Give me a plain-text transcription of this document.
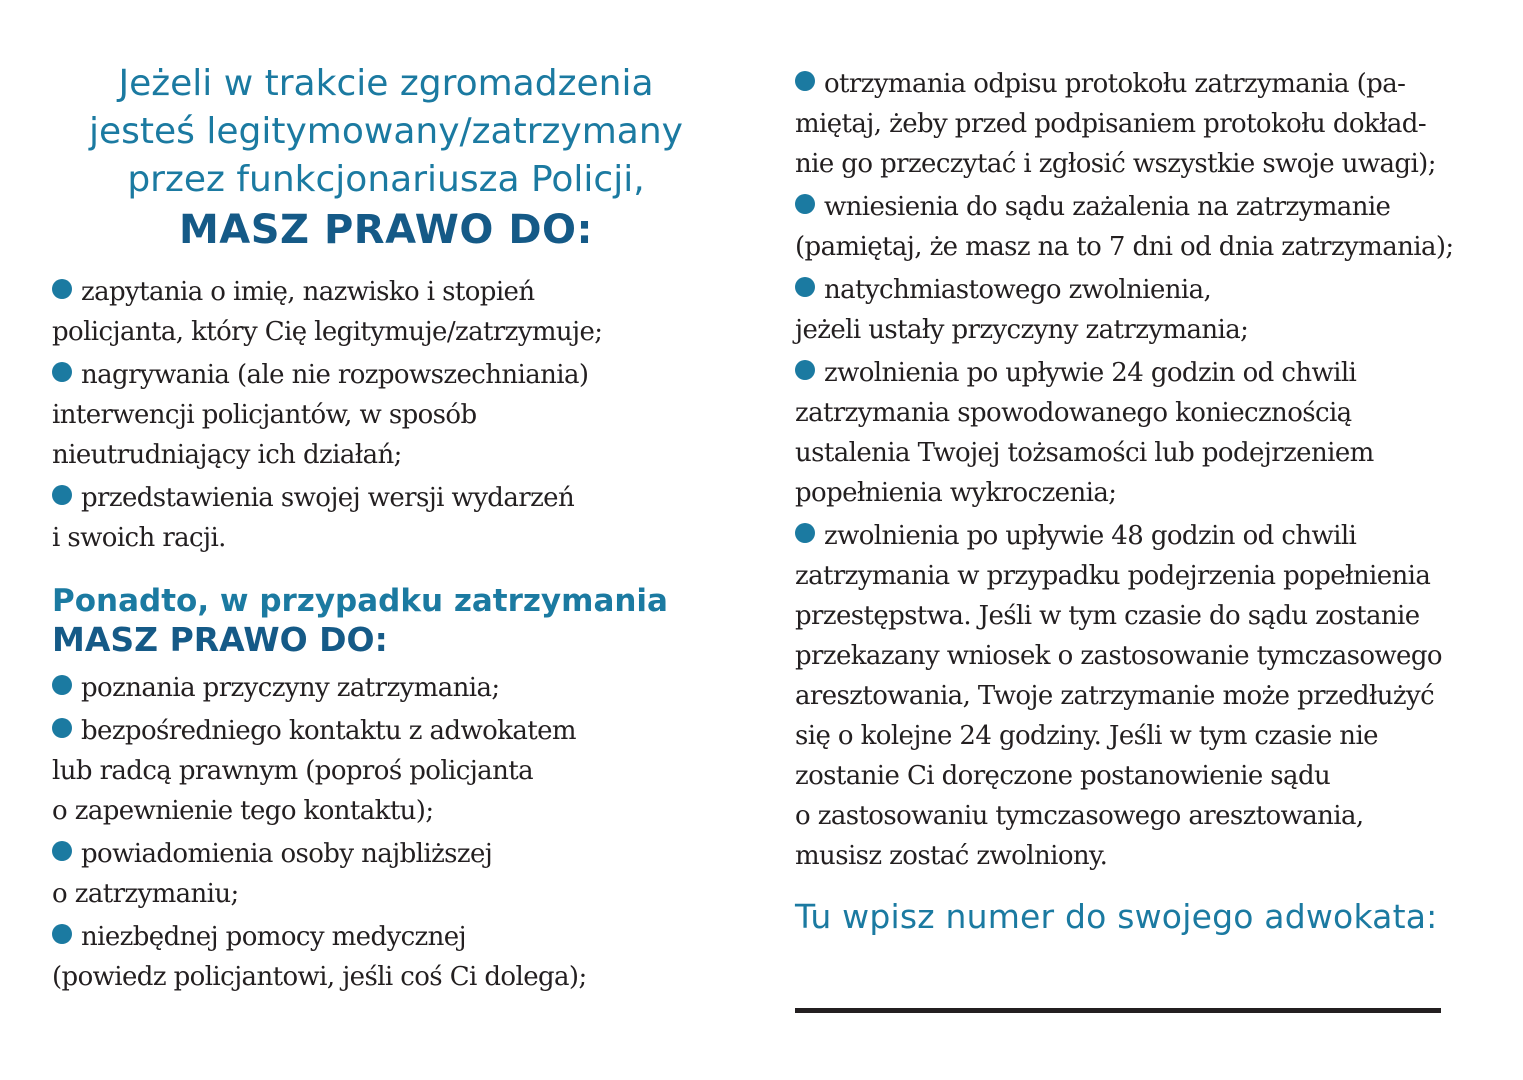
Jeżeli w trakcie zgromadzenia
jesteś legitymowany/zatrzymany
przez funkcjonariusza Policji,
MASZ PRAWO DO:
zapytania o imię, nazwisko i stopień
policjanta, który Cię legitymuje/zatrzymuje;
nagrywania (ale nie rozpowszechniania)
interwencji policjantów, w sposób
nieutrudniający ich działań;
przedstawienia swojej wersji wydarzeń
i swoich racji.
Ponadto, w przypadku zatrzymania
MASZ PRAWO DO:
poznania przyczyny zatrzymania;
bezpośredniego kontaktu z adwokatem
lub radcą prawnym (poproś policjanta
o zapewnienie tego kontaktu);
powiadomienia osoby najbliższej
o zatrzymaniu;
niezbędnej pomocy medycznej
(powiedz policjantowi, jeśli coś Ci dolega);
otrzymania odpisu protokołu zatrzymania (pa-
miętaj, żeby przed podpisaniem protokołu dokład-
nie go przeczytać i zgłosić wszystkie swoje uwagi);
wniesienia do sądu zażalenia na zatrzymanie
(pamiętaj, że masz na to 7 dni od dnia zatrzymania);
natychmiastowego zwolnienia,
jeżeli ustały przyczyny zatrzymania;
zwolnienia po upływie 24 godzin od chwili
zatrzymania spowodowanego koniecznością
ustalenia Twojej tożsamości lub podejrzeniem
popełnienia wykroczenia;
zwolnienia po upływie 48 godzin od chwili
zatrzymania w przypadku podejrzenia popełnienia
przestępstwa. Jeśli w tym czasie do sądu zostanie
przekazany wniosek o zastosowanie tymczasowego
aresztowania, Twoje zatrzymanie może przedłużyć
się o kolejne 24 godziny. Jeśli w tym czasie nie
zostanie Ci doręczone postanowienie sądu
o zastosowaniu tymczasowego aresztowania,
musisz zostać zwolniony.
Tu wpisz numer do swojego adwokata:
